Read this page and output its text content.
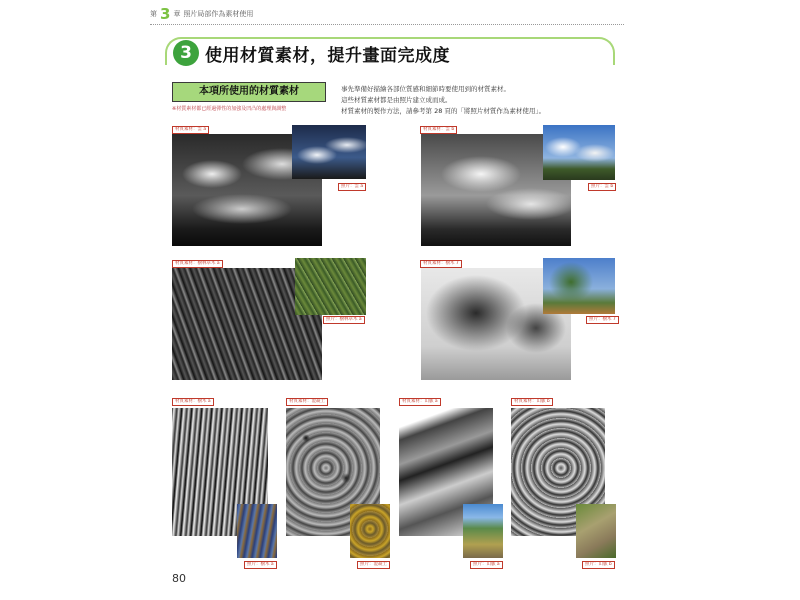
第 3 章 照片局部作為素材使用
3 使用材質素材，提升畫面完成度
本項所使用的材質素材
※材質素材都已經過彈性的加強及凹凸的處理與調整
事先準備好描繪各部位質感和細節時要使用到的材質素材。
這些材質素材都是由照片建立成而成。
材質素材的製作方法，請參考第 28 頁的「將照片材質作為素材使用」。
材質素材：雲 a
照片：雲 a
材質素材：雲 b
照片：雲 b
材質素材：樹林草木 a
照片：樹林草木 a
材質素材：樹木 7
照片：樹木 7
材質素材：樹木 a
照片：樹木 a
材質素材：混凝土
照片：混凝土
材質素材：山脈 a
照片：山脈 a
材質素材：山脈 b
照片：山脈 b
80
